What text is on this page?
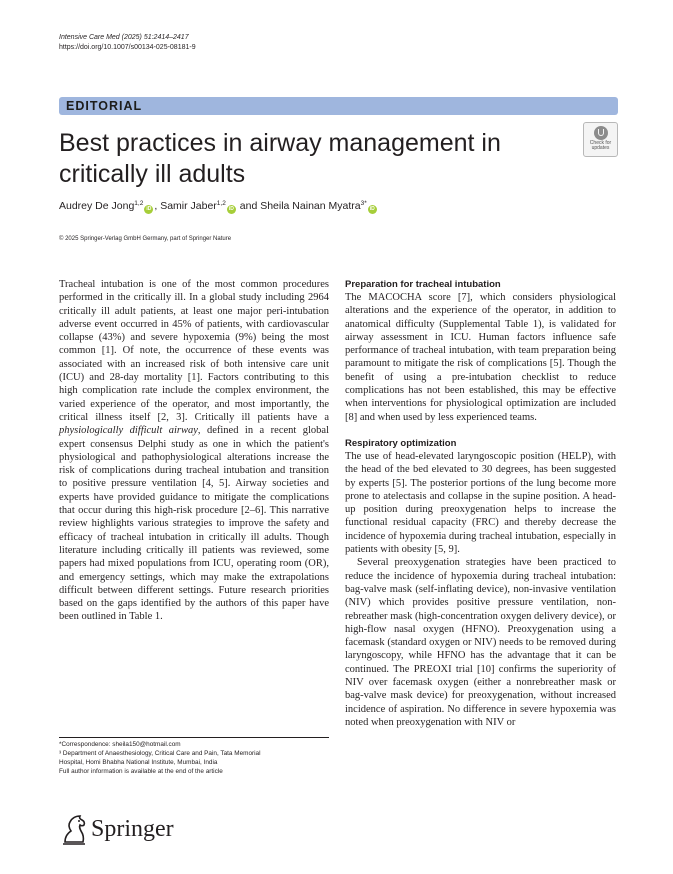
Intensive Care Med (2025) 51:2414–2417
https://doi.org/10.1007/s00134-025-08181-9
EDITORIAL
Best practices in airway management in critically ill adults
Check for
updates
Audrey De Jong$^{1,2}$iD , Samir Jaber$^{1,2}$iD and Sheila Nainan Myatra$^{3*}$iD
© 2025 Springer-Verlag GmbH Germany, part of Springer Nature

Tracheal intubation is one of the most common procedures performed in the critically ill. In a global study including 2964 critically ill adult patients, at least one major peri-intubation adverse event occurred in 45% of patients, with cardiovascular collapse (43%) and severe hypoxemia (9%) being the most common [1]. Of note, the occurrence of these events was associated with an increased risk of both intensive care unit (ICU) and 28-day mortality [1]. Factors contributing to this high complication rate include the complex environment, the varied experience of the operator, and most importantly, the critical illness itself [2, 3]. Critically ill patients have a physiologically difficult airway, defined in a recent global expert consensus Delphi study as one in which the patient's physiological and pathophysiological alterations increase the risk of complications during tracheal intubation and transition to positive pressure ventilation [4, 5]. Airway societies and experts have provided guidance to mitigate the complications that occur during this high-risk procedure [2–6]. This narrative review highlights various strategies to improve the safety and efficacy of tracheal intubation in critically ill adults. Though literature including critically ill patients was reviewed, some papers had mixed populations from ICU, operating room (OR), and emergency settings, which may make the extrapolations difficult between different settings. Future research priorities based on the gaps identified by the authors of this paper have been outlined in Table 1.

Preparation for tracheal intubation

The MACOCHA score [7], which considers physiological alterations and the experience of the operator, in addition to anatomical difficulty (Supplemental Table 1), is validated for airway assessment in ICU. Human factors influence safe performance of tracheal intubation, with team preparation being paramount to mitigate the risk of complications [5]. Though the benefit of using a pre-intubation checklist to reduce complications has not been established, this may be effective when interventions for physiological optimization are included [8] and when used by less experienced teams.

Respiratory optimization

The use of head-elevated laryngoscopic position (HELP), with the head of the bed elevated to 30 degrees, has been suggested by experts [5]. The posterior portions of the lung become more prone to atelectasis and collapse in the supine position. A head-up position during preoxygenation helps to increase the functional residual capacity (FRC) and thereby decrease the incidence of hypoxemia during tracheal intubation, especially in patients with obesity [5, 9].

Several preoxygenation strategies have been practiced to reduce the incidence of hypoxemia during tracheal intubation: bag-valve mask (self-inflating device), non-invasive ventilation (NIV) which provides positive pressure ventilation, non-rebreather mask (high-concentration oxygen delivery device), or high-flow nasal oxygen (HFNO). Preoxygenation using a facemask (standard oxygen or NIV) needs to be removed during laryngoscopy, while HFNO has the advantage that it can be continued. The PREOXI trial [10] confirms the superiority of NIV over facemask oxygen (either a nonrebreather mask or bag-valve mask device) for preoxygenation, without increased incidence of aspiration. No difference in severe hypoxemia was noted when preoxygenation with NIV or

*Correspondence: sheila150@hotmail.com
³ Department of Anaesthesiology, Critical Care and Pain, Tata Memorial
Hospital, Homi Bhabha National Institute, Mumbai, India
Full author information is available at the end of the article
Springer
